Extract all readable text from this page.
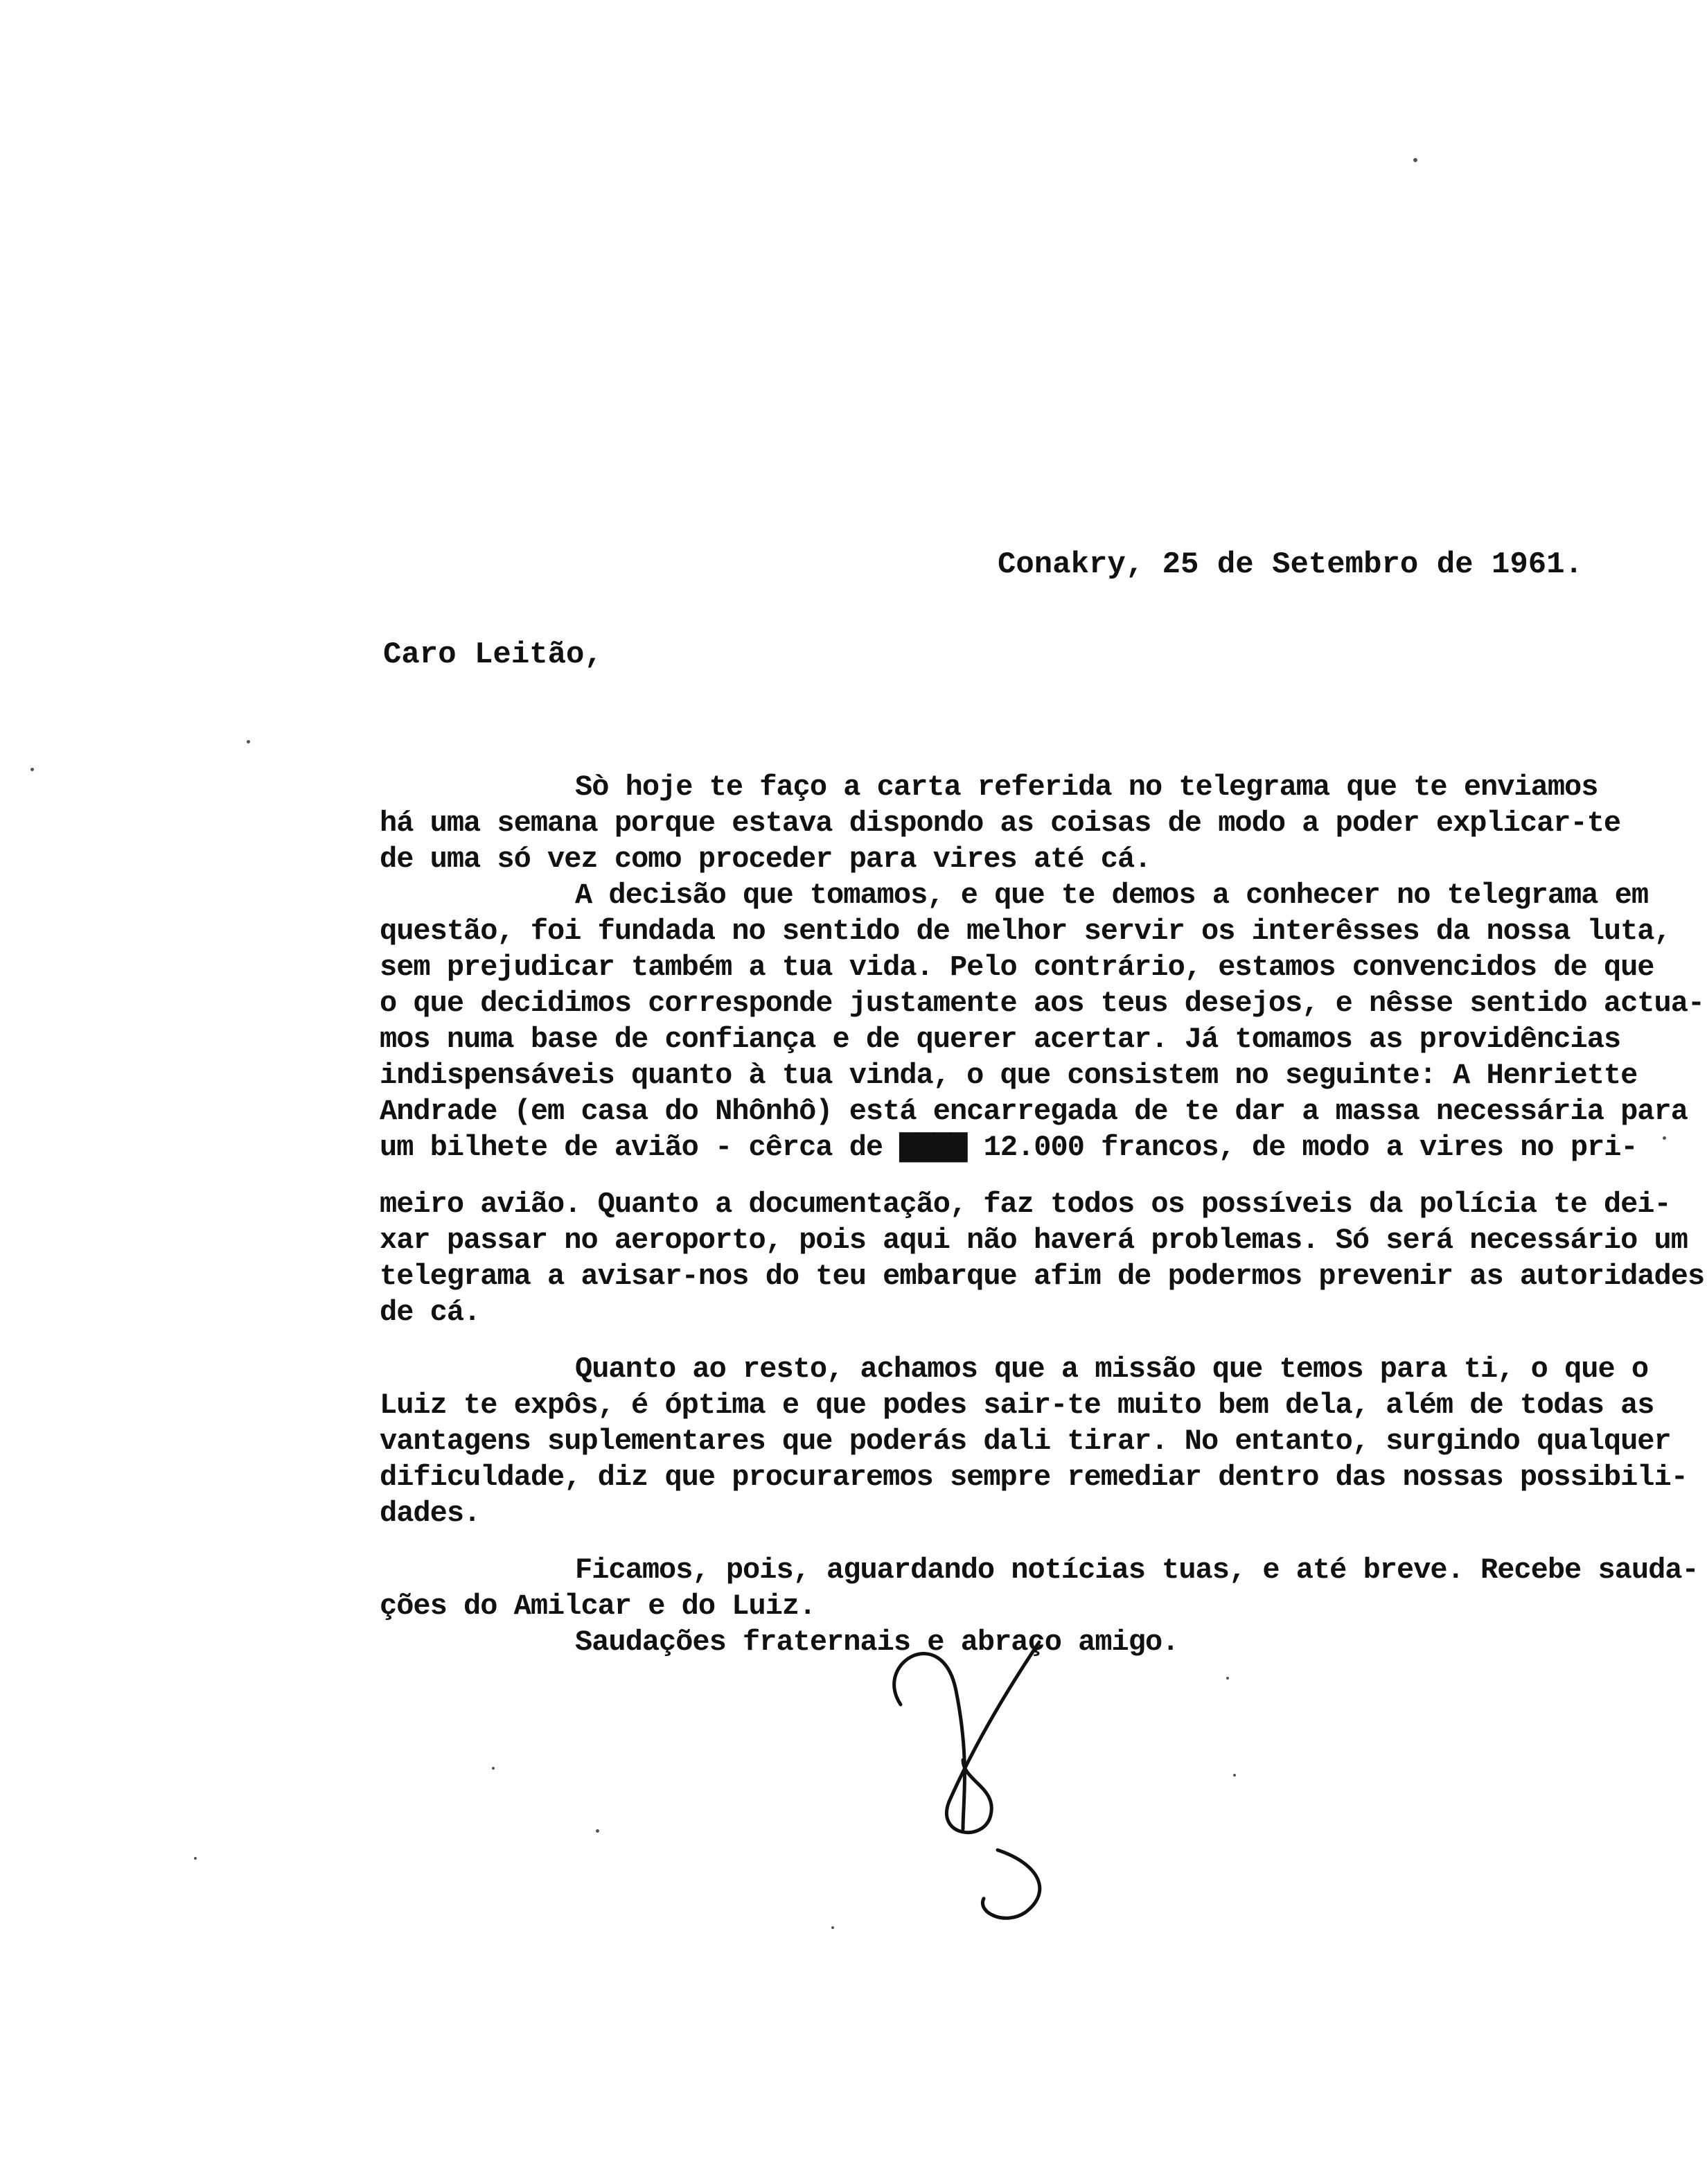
Conakry, 25 de Setembro de 1961.
Caro Leitão,
Sò hoje te faço a carta referida no telegrama que te enviamos
há uma semana porque estava dispondo as coisas de modo a poder explicar-te
de uma só vez como proceder para vires até cá.
A decisão que tomamos, e que te demos a conhecer no telegrama em
questão, foi fundada no sentido de melhor servir os interêsses da nossa luta,
sem prejudicar também a tua vida. Pelo contrário, estamos convencidos de que
o que decidimos corresponde justamente aos teus desejos, e nêsse sentido actua-
mos numa base de confiança e de querer acertar. Já tomamos as providências
indispensáveis quanto à tua vinda, o que consistem no seguinte: A Henriette
Andrade (em casa do Nhônhô) está encarregada de te dar a massa necessária para
um bilhete de avião - cêrca de ▇▇▇▇ 12.000 francos, de modo a vires no pri-
meiro avião. Quanto a documentação, faz todos os possíveis da polícia te dei-
xar passar no aeroporto, pois aqui não haverá problemas. Só será necessário um
telegrama a avisar-nos do teu embarque afim de podermos prevenir as autoridades
de cá.
Quanto ao resto, achamos que a missão que temos para ti, o que o
Luiz te expôs, é óptima e que podes sair-te muito bem dela, além de todas as
vantagens suplementares que poderás dali tirar. No entanto, surgindo qualquer
dificuldade, diz que procuraremos sempre remediar dentro das nossas possibili-
dades.
Ficamos, pois, aguardando notícias tuas, e até breve. Recebe sauda-
ções do Amilcar e do Luiz.
Saudações fraternais e abraço amigo.
